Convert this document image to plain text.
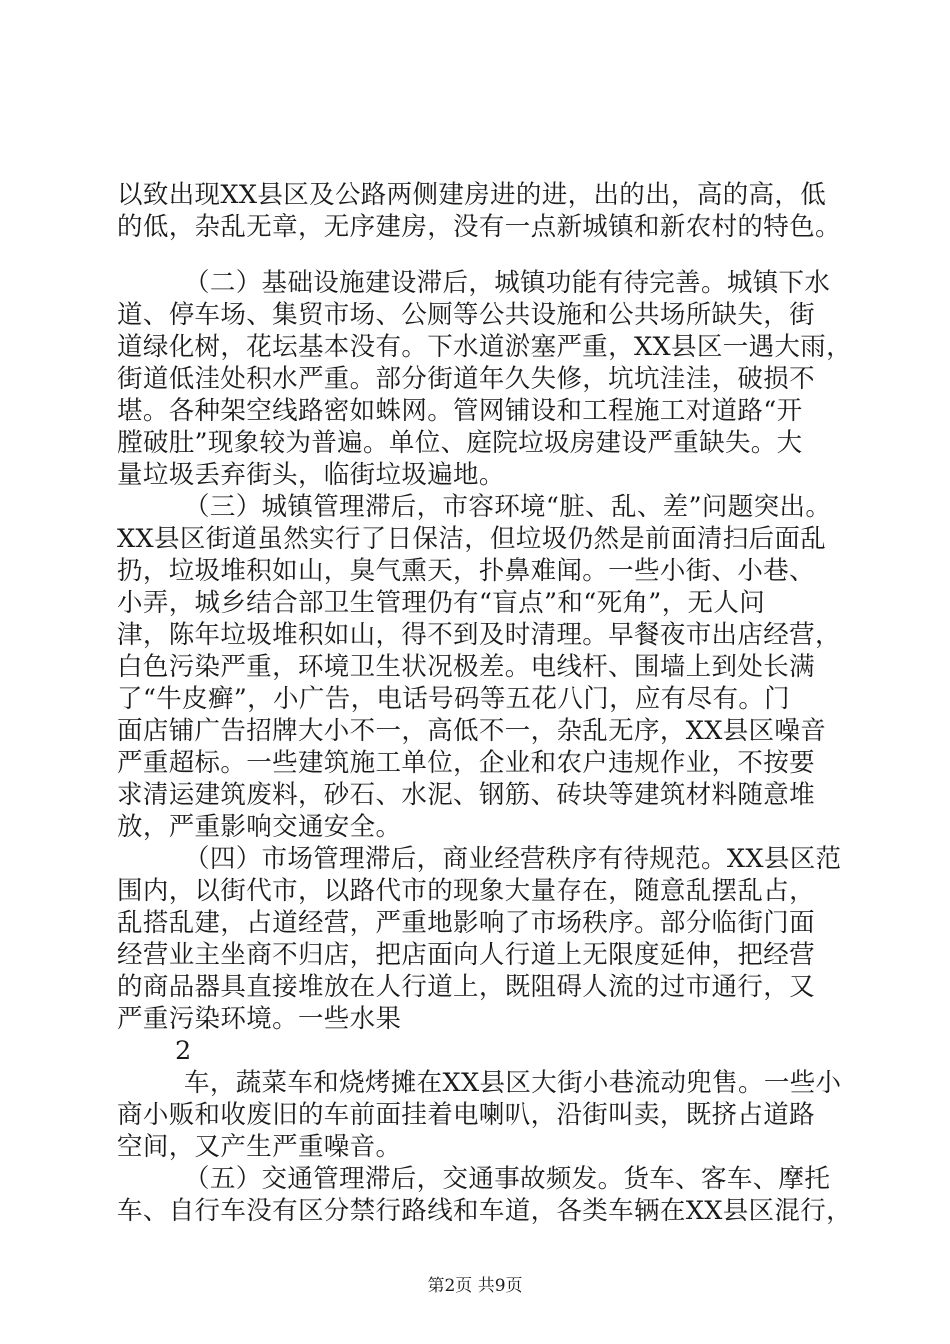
以致出现XX县区及公路两侧建房进的进，出的出，高的高，低
的低，杂乱无章，无序建房，没有一点新城镇和新农村的特色。
（二）基础设施建设滞后，城镇功能有待完善。城镇下水
道、停车场、集贸市场、公厕等公共设施和公共场所缺失，街
道绿化树，花坛基本没有。下水道淤塞严重，XX县区一遇大雨，
街道低洼处积水严重。部分街道年久失修，坑坑洼洼，破损不
堪。各种架空线路密如蛛网。管网铺设和工程施工对道路“开
膛破肚”现象较为普遍。单位、庭院垃圾房建设严重缺失。大
量垃圾丢弃街头，临街垃圾遍地。
（三）城镇管理滞后，市容环境“脏、乱、差”问题突出。
XX县区街道虽然实行了日保洁，但垃圾仍然是前面清扫后面乱
扔，垃圾堆积如山，臭气熏天，扑鼻难闻。一些小街、小巷、
小弄，城乡结合部卫生管理仍有“盲点”和“死角”，无人问
津，陈年垃圾堆积如山，得不到及时清理。早餐夜市出店经营，
白色污染严重，环境卫生状况极差。电线杆、围墙上到处长满
了“牛皮癣”，小广告，电话号码等五花八门，应有尽有。门
面店铺广告招牌大小不一，高低不一，杂乱无序，XX县区噪音
严重超标。一些建筑施工单位，企业和农户违规作业，不按要
求清运建筑废料，砂石、水泥、钢筋、砖块等建筑材料随意堆
放，严重影响交通安全。
（四）市场管理滞后，商业经营秩序有待规范。XX县区范
围内，以街代市，以路代市的现象大量存在，随意乱摆乱占，
乱搭乱建，占道经营，严重地影响了市场秩序。部分临街门面
经营业主坐商不归店，把店面向人行道上无限度延伸，把经营
的商品器具直接堆放在人行道上，既阻碍人流的过市通行，又
严重污染环境。一些水果
2
车，蔬菜车和烧烤摊在XX县区大街小巷流动兜售。一些小
商小贩和收废旧的车前面挂着电喇叭，沿街叫卖，既挤占道路
空间，又产生严重噪音。
（五）交通管理滞后，交通事故频发。货车、客车、摩托
车、自行车没有区分禁行路线和车道，各类车辆在XX县区混行，
第2页 共9页
